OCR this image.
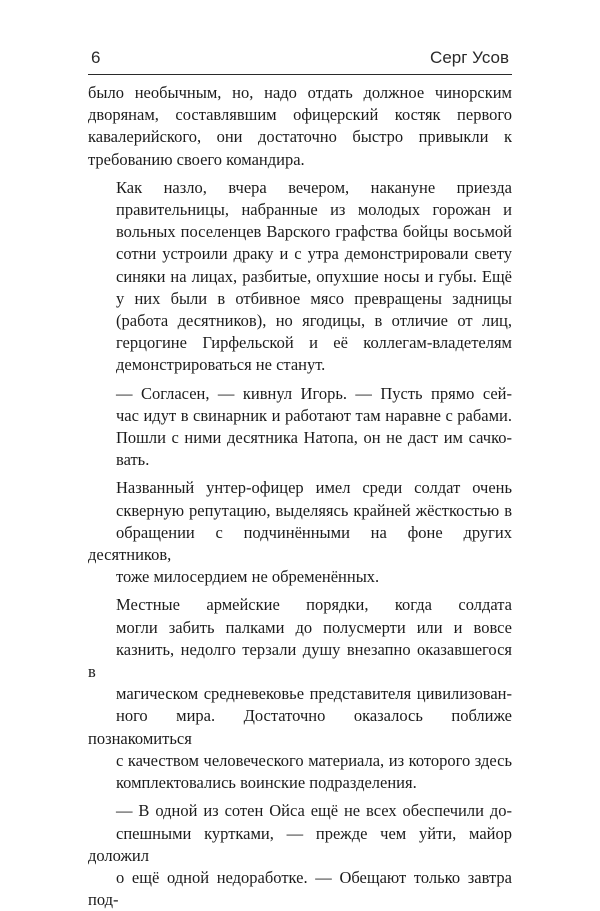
6	Серг Усов

было необычным, но, надо отдать должное чинорским
дворянам, составлявшим офицерский костяк первого
кавалерийского, они достаточно быстро привыкли к
требованию своего командира.

Как назло, вчера вечером, накануне приезда
правительницы, набранные из молодых горожан и
вольных поселенцев Варского графства бойцы восьмой
сотни устроили драку и с утра демонстрировали свету
синяки на лицах, разбитые, опухшие носы и губы. Ещё
у них были в отбивное мясо превращены задницы
(работа десятников), но ягодицы, в отличие от лиц,
герцогине Гирфельской и её коллегам-владетелям
демонстрироваться не станут.

— Согласен, — кивнул Игорь. — Пусть прямо сей-
час идут в свинарник и работают там наравне с рабами.
Пошли с ними десятника Натопа, он не даст им сачко-
вать.

Названный унтер-офицер имел среди солдат очень
скверную репутацию, выделяясь крайней жёсткостью в
обращении с подчинёнными на фоне других десятников,
тоже милосердием не обременённых.

Местные армейские порядки, когда солдата
могли забить палками до полусмерти или и вовсе
казнить, недолго терзали душу внезапно оказавшегося в
магическом средневековье представителя цивилизован-
ного мира. Достаточно оказалось поближе познакомиться
с качеством человеческого материала, из которого здесь
комплектовались воинские подразделения.

— В одной из сотен Ойса ещё не всех обеспечили до-
спешными куртками, — прежде чем уйти, майор доложил
о ещё одной недоработке. — Обещают только завтра под-
